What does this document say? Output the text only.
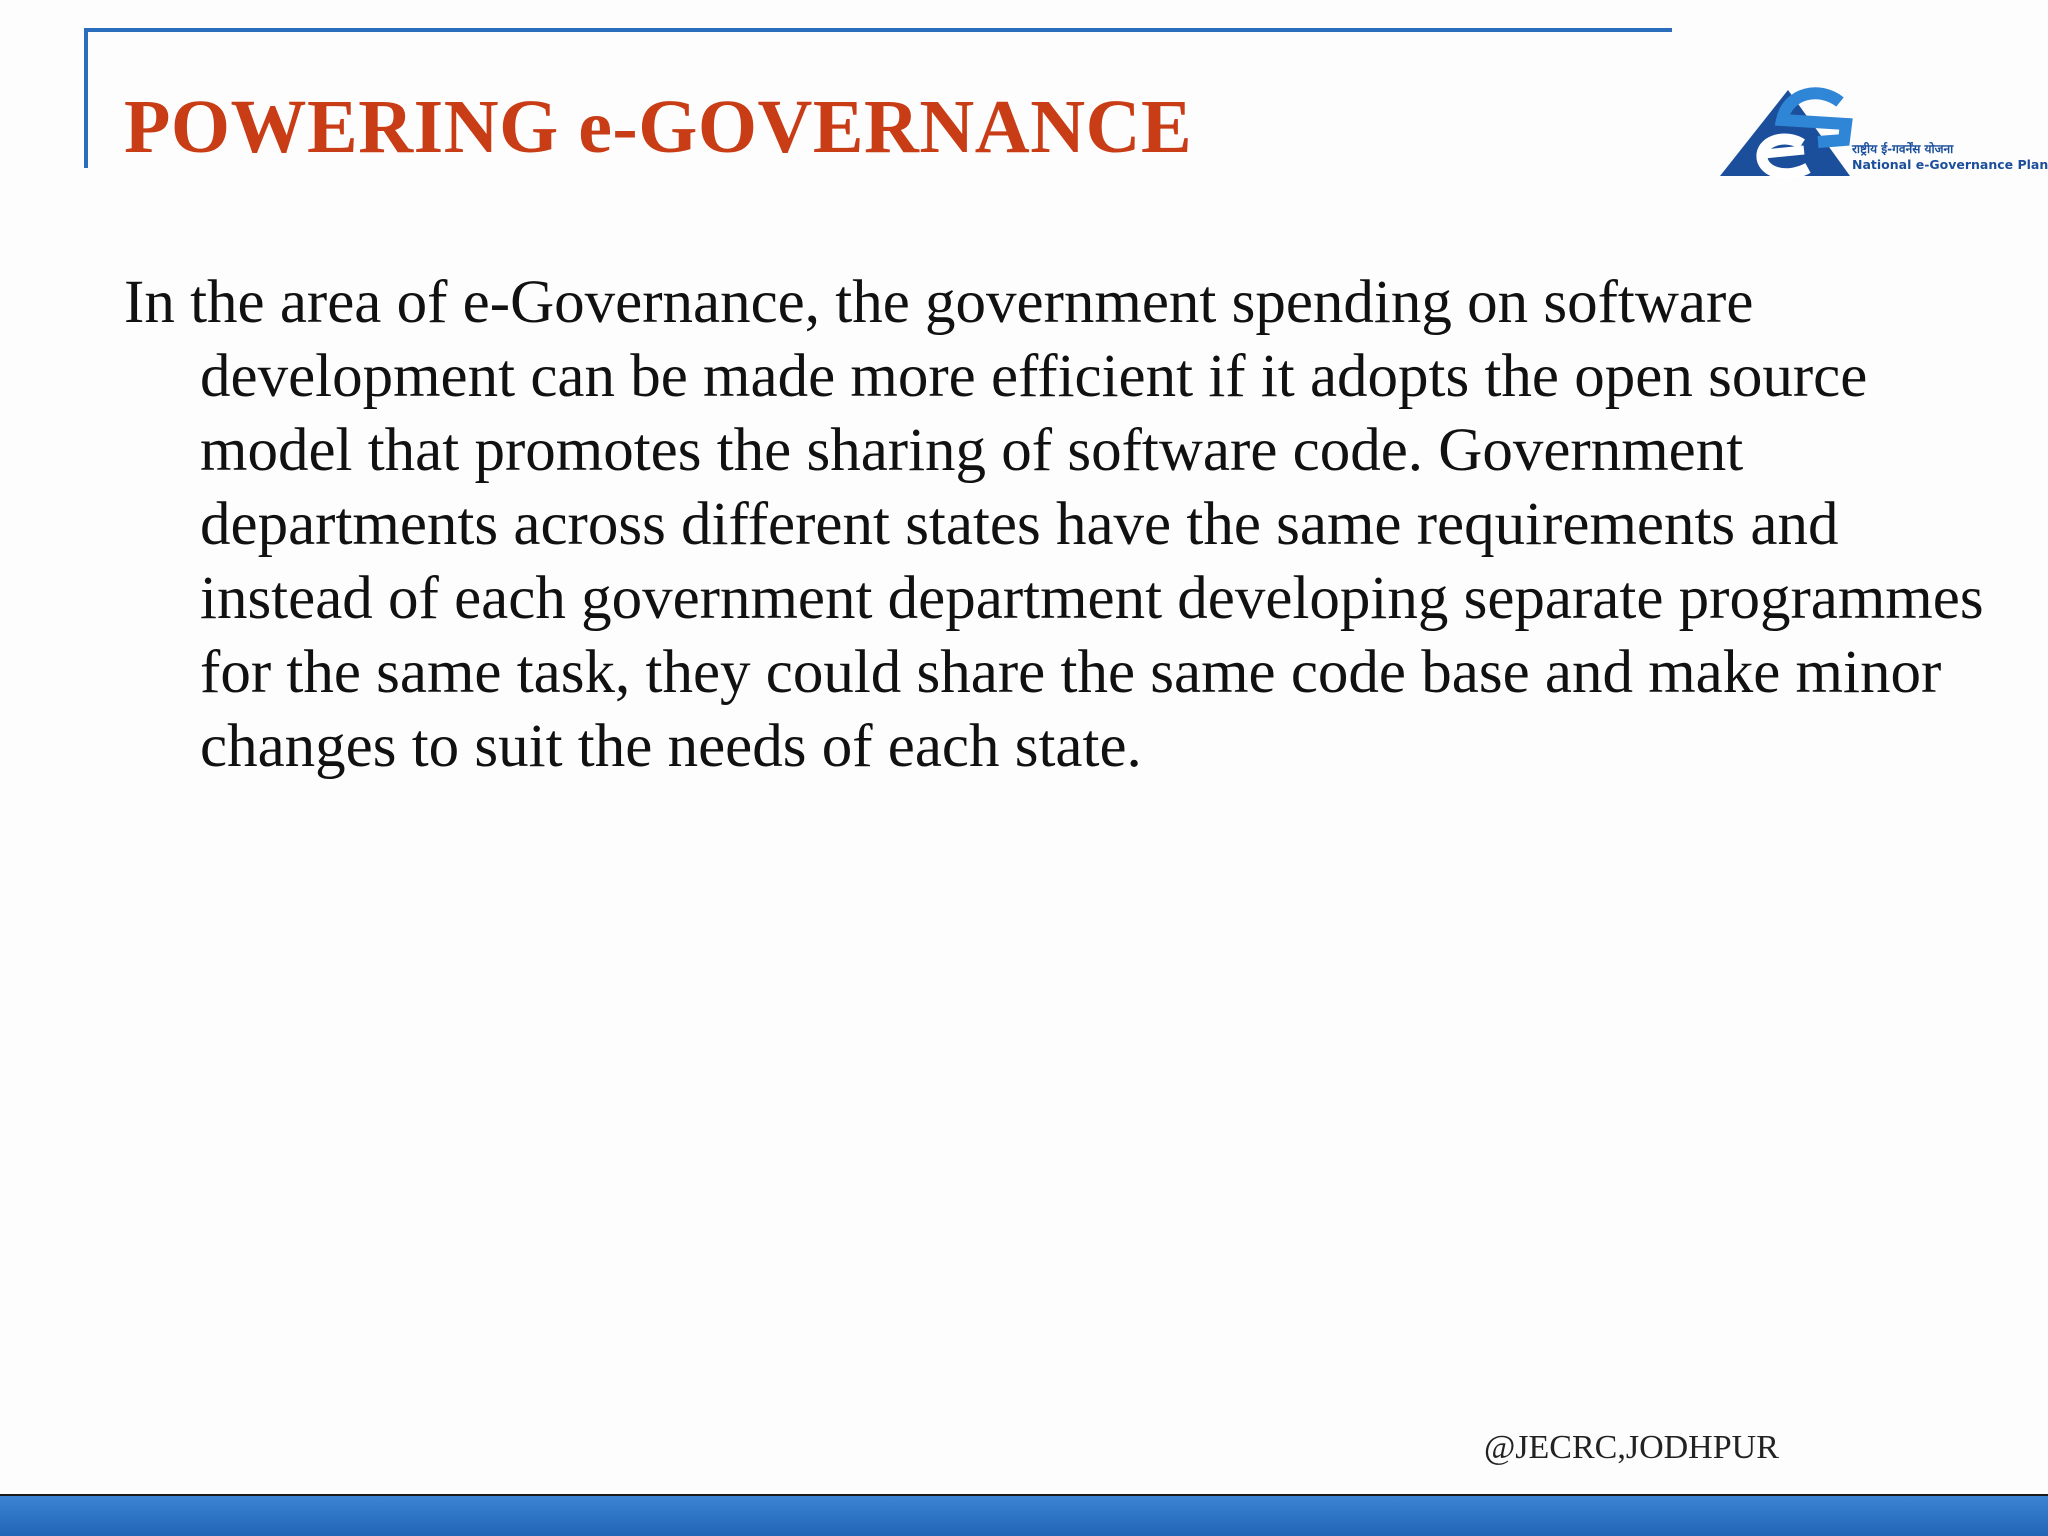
POWERING e-GOVERNANCE	राष्ट्रीय ई-गवर्नेंस योजना
National e-Governance Plan

In the area of e-Governance, the government spending on software development can be made more efficient if it adopts the open source model that promotes the sharing of software code. Government departments across different states have the same requirements and instead of each government department developing separate programmes for the same task, they could share the same code base and make minor changes to suit the needs of each state.

@JECRC,JODHPUR
